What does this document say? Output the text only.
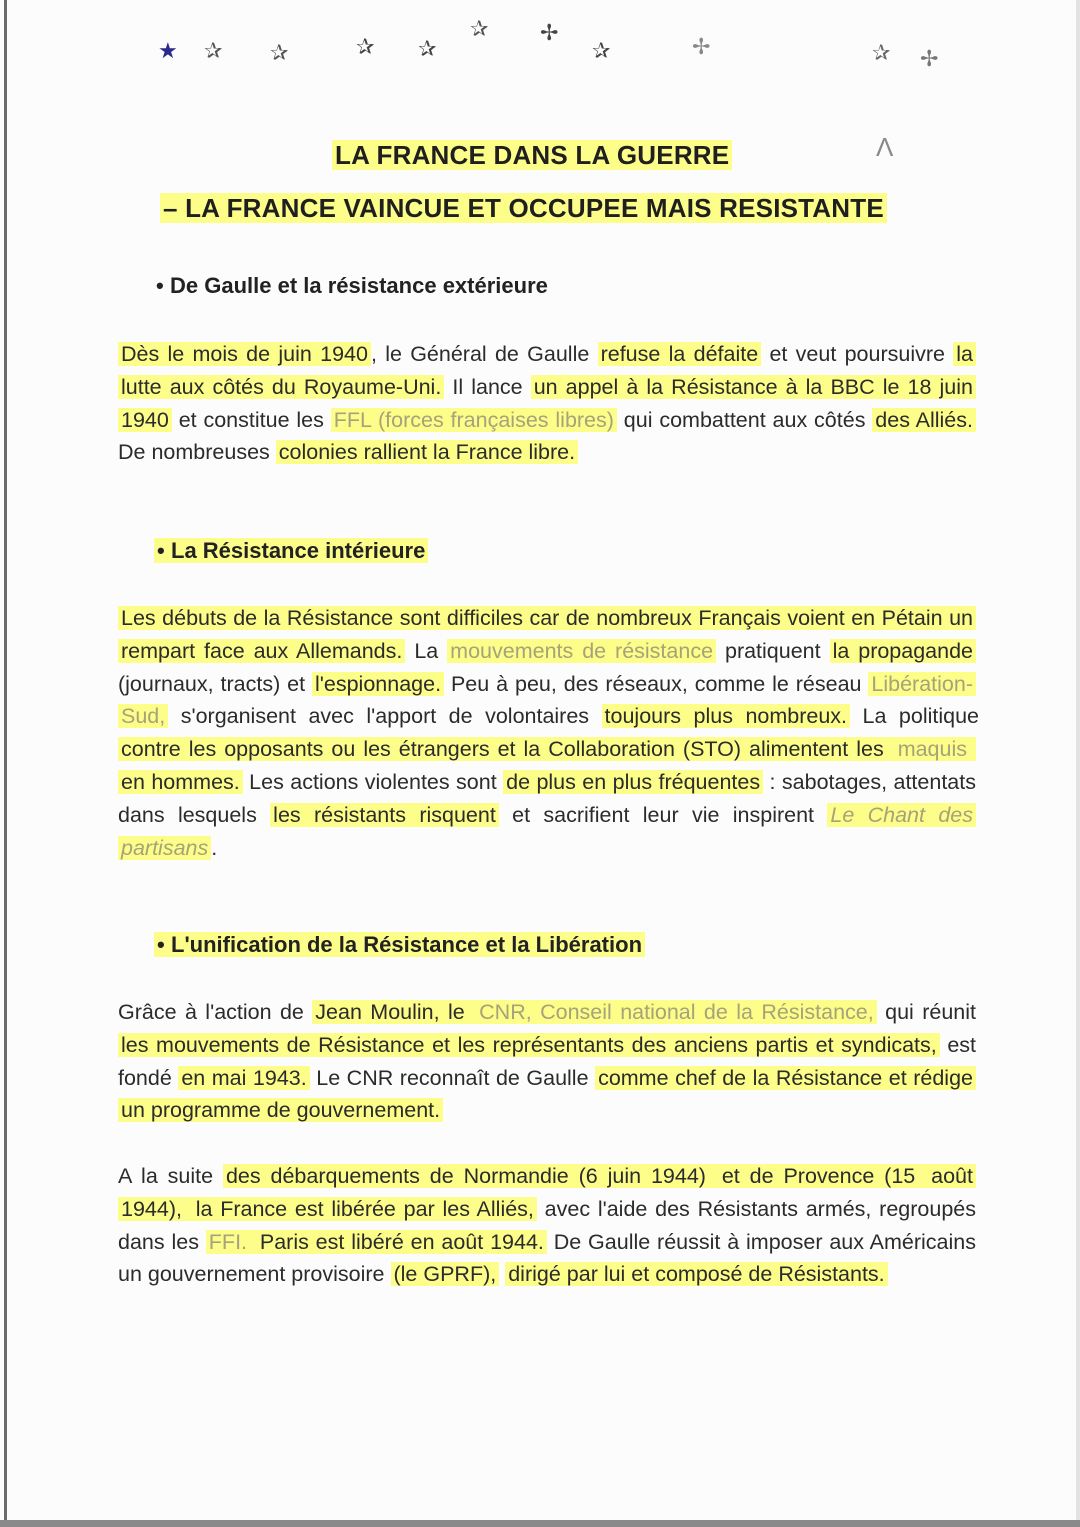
★ ✰ ✰	✰ ✰
✰ ✢
✰	✢	✰ ✢
Λ
LA FRANCE DANS LA GUERRE
– LA FRANCE VAINCUE ET OCCUPEE MAIS RESISTANTE
• De Gaulle et la résistance extérieure

Dès le mois de juin 1940 , le Général de Gaulle refuse la défaite et veut poursuivre la lutte aux côtés du Royaume-Uni. Il lance un appel à la Résistance à la BBC le 18 juin 1940 et constitue les FFL (forces françaises libres) qui combattent aux côtés des Alliés. De nombreuses colonies rallient la France libre.

• La Résistance intérieure

Les débuts de la Résistance sont difficiles car de nombreux Français voient en Pétain un rempart face aux Allemands. La mouvements de résistance pratiquent la propagande (journaux, tracts) et l'espionnage. Peu à peu, des réseaux, comme le réseau Libération-Sud, s'organisent avec l'apport de volontaires toujours plus nombreux. La politique contre les opposants ou les étrangers et la Collaboration (STO) alimentent les maquis en hommes. Les actions violentes sont de plus en plus fréquentes : sabotages, attentats dans lesquels les résistants risquent et sacrifient leur vie inspirent Le Chant des partisans .

• L'unification de la Résistance et la Libération

Grâce à l'action de Jean Moulin, le CNR, Conseil national de la Résistance, qui réunit les mouvements de Résistance et les représentants des anciens partis et syndicats, est fondé en mai 1943. Le CNR reconnaît de Gaulle comme chef de la Résistance et rédige un programme de gouvernement.

A la suite des débarquements de Normandie (6 juin 1944) et de Provence (15 août 1944), la France est libérée par les Alliés, avec l'aide des Résistants armés, regroupés dans les FFI. Paris est libéré en août 1944. De Gaulle réussit à imposer aux Américains un gouvernement provisoire (le GPRF), dirigé par lui et composé de Résistants.
